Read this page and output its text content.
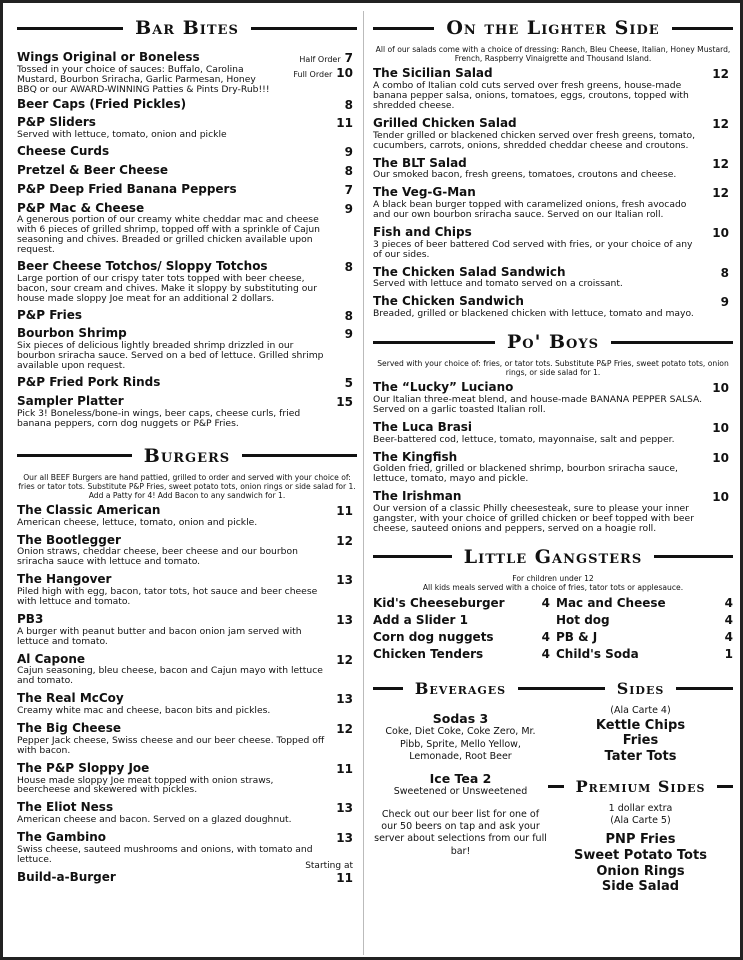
Bar Bites
Wings Original or Boneless
Tossed in your choice of sauces: Buffalo, Carolina Mustard, Bourbon Sriracha, Garlic Parmesan, Honey BBQ or our AWARD-WINNING Patties & Pints Dry-Rub!!!
Half Order 7
Full Order 10
Beer Caps (Fried Pickles)	8
P&P Sliders
Served with lettuce, tomato, onion and pickle
11
Cheese Curds	9
Pretzel & Beer Cheese	8
P&P Deep Fried Banana Peppers	7
P&P Mac & Cheese
A generous portion of our creamy white cheddar mac and cheese with 6 pieces of grilled shrimp, topped off with a sprinkle of Cajun seasoning and chives. Breaded or grilled chicken available upon request.
9
Beer Cheese Totchos/ Sloppy Totchos
Large portion of our crispy tater tots topped with beer cheese, bacon, sour cream and chives. Make it sloppy by substituting our house made sloppy Joe meat for an additional 2 dollars.
8
P&P Fries	8
Bourbon Shrimp
Six pieces of delicious lightly breaded shrimp drizzled in our bourbon sriracha sauce. Served on a bed of lettuce. Grilled shrimp available upon request.
9
P&P Fried Pork Rinds	5
Sampler Platter
Pick 3! Boneless/bone-in wings, beer caps, cheese curls, fried banana peppers, corn dog nuggets or P&P Fries.
15
Burgers
Our all BEEF Burgers are hand pattied, grilled to order and served with your choice of: fries or tator tots. Substitute P&P Fries, sweet potato tots, onion rings or side salad for 1. Add a Patty for 4! Add Bacon to any sandwich for 1.
The Classic American
American cheese, lettuce, tomato, onion and pickle.
11
The Bootlegger
Onion straws, cheddar cheese, beer cheese and our bourbon sriracha sauce with lettuce and tomato.
12
The Hangover
Piled high with egg, bacon, tator tots, hot sauce and beer cheese with lettuce and tomato.
13
PB3
A burger with peanut butter and bacon onion jam served with lettuce and tomato.
13
Al Capone
Cajun seasoning, bleu cheese, bacon and Cajun mayo with lettuce and tomato.
12
The Real McCoy
Creamy white mac and cheese, bacon bits and pickles.
13
The Big Cheese
Pepper Jack cheese, Swiss cheese and our beer cheese. Topped off with bacon.
12
The P&P Sloppy Joe
House made sloppy Joe meat topped with onion straws, beercheese and skewered with pickles.
11
The Eliot Ness
American cheese and bacon. Served on a glazed doughnut.
13
The Gambino
Swiss cheese, sauteed mushrooms and onions, with tomato and lettuce.
13
Build-a-Burger
Starting at
11
On the Lighter Side
All of our salads come with a choice of dressing: Ranch, Bleu Cheese, Italian, Honey Mustard, French, Raspberry Vinaigrette and Thousand Island.
The Sicilian Salad
A combo of Italian cold cuts served over fresh greens, house-made banana pepper salsa, onions, tomatoes, eggs, croutons, topped with shredded cheese.
12
Grilled Chicken Salad
Tender grilled or blackened chicken served over fresh greens, tomato, cucumbers, carrots, onions, shredded cheddar cheese and croutons.
12
The BLT Salad
Our smoked bacon, fresh greens, tomatoes, croutons and cheese.
12
The Veg-G-Man
A black bean burger topped with caramelized onions, fresh avocado and our own bourbon sriracha sauce. Served on our Italian roll.
12
Fish and Chips
3 pieces of beer battered Cod served with fries, or your choice of any of our sides.
10
The Chicken Salad Sandwich
Served with lettuce and tomato served on a croissant.
8
The Chicken Sandwich
Breaded, grilled or blackened chicken with lettuce, tomato and mayo.
9
Po' Boys
Served with your choice of: fries, or tator tots. Substitute P&P Fries, sweet potato tots, onion rings, or side salad for 1.
The “Lucky” Luciano
Our Italian three-meat blend, and house-made BANANA PEPPER SALSA. Served on a garlic toasted Italian roll.
10
The Luca Brasi
Beer-battered cod, lettuce, tomato, mayonnaise, salt and pepper.
10
The Kingfish
Golden fried, grilled or blackened shrimp, bourbon sriracha sauce, lettuce, tomato, mayo and pickle.
10
The Irishman
Our version of a classic Philly cheesesteak, sure to please your inner gangster, with your choice of grilled chicken or beef topped with beer cheese, sauteed onions and peppers, served on a hoagie roll.
10
Little Gangsters
For children under 12
All kids meals served with a choice of fries, tator tots or applesauce.
Kid's Cheeseburger	4 Mac and Cheese	4
Add a Slider 1	Hot dog	4
Corn dog nuggets	4 PB & J	4
Chicken Tenders	4 Child's Soda	1
Beverages
Sodas 3
Coke, Diet Coke, Coke Zero, Mr. Pibb, Sprite, Mello Yellow, Lemonade, Root Beer
Ice Tea 2
Sweetened or Unsweetened
Check out our beer list for one of our 50 beers on tap and ask your server about selections from our full bar!
Sides
(Ala Carte 4)
Kettle Chips
Fries
Tater Tots
Premium Sides
1 dollar extra
(Ala Carte 5)
PNP Fries
Sweet Potato Tots
Onion Rings
Side Salad
